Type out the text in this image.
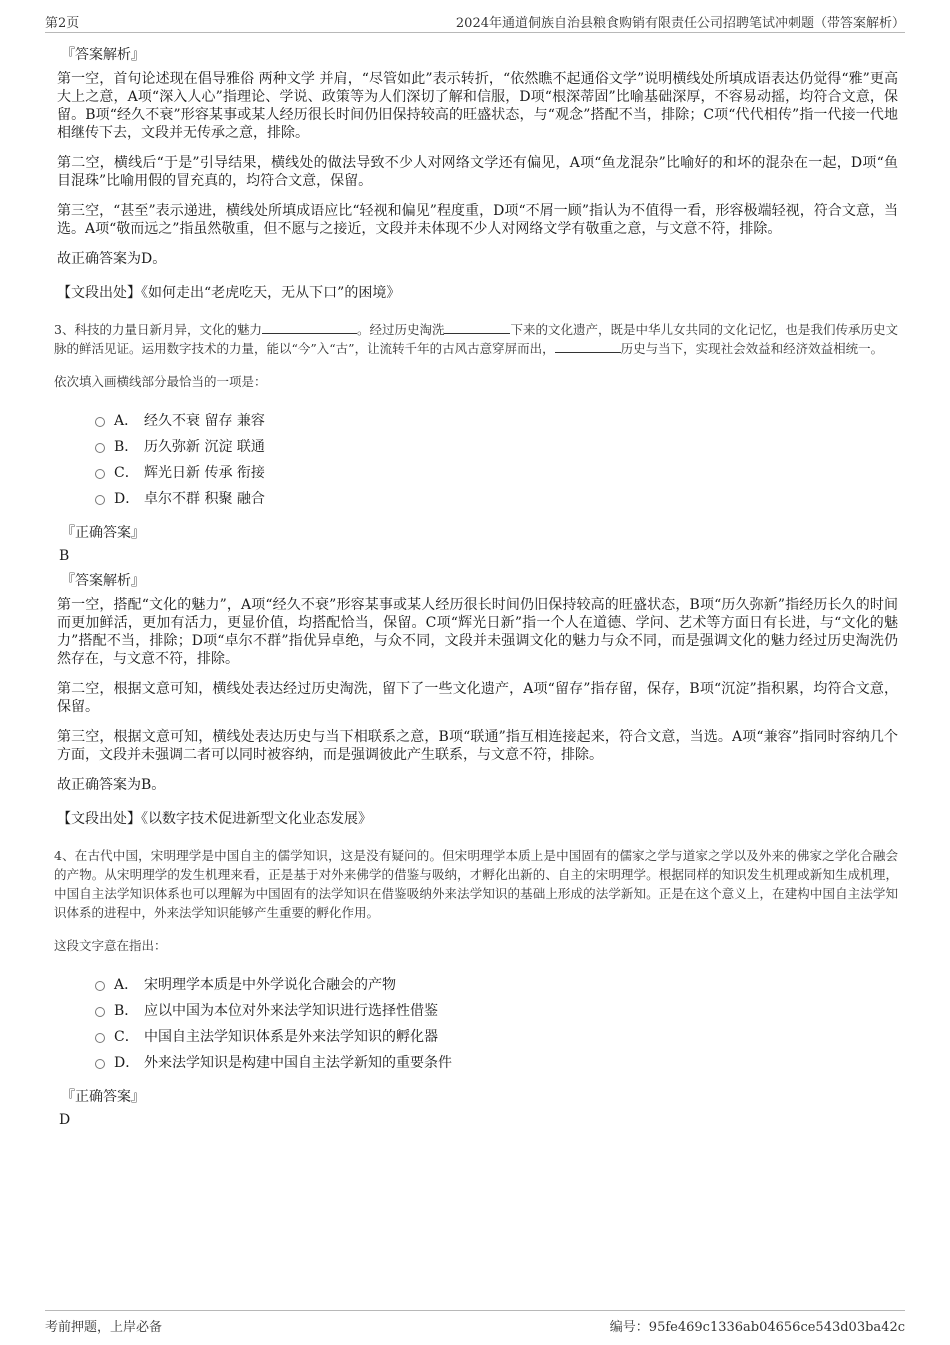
第2页	2024年通道侗族自治县粮食购销有限责任公司招聘笔试冲刺题（带答案解析）
『答案解析』

第一空，首句论述现在倡导雅俗 两种文学 并肩，“尽管如此”表示转折，“依然瞧不起通俗文学”说明横线处所填成语表达仍觉得“雅”更高大上之意，A项“深入人心”指理论、学说、政策等为人们深切了解和信服，D项“根深蒂固”比喻基础深厚，不容易动摇，均符合文意，保留。B项“经久不衰”形容某事或某人经历很长时间仍旧保持较高的旺盛状态，与“观念”搭配不当，排除；C项“代代相传”指一代接一代地相继传下去，文段并无传承之意，排除。

第二空，横线后“于是”引导结果，横线处的做法导致不少人对网络文学还有偏见，A项“鱼龙混杂”比喻好的和坏的混杂在一起，D项“鱼目混珠”比喻用假的冒充真的，均符合文意，保留。

第三空，“甚至”表示递进，横线处所填成语应比“轻视和偏见”程度重，D项“不屑一顾”指认为不值得一看，形容极端轻视，符合文意，当选。A项“敬而远之”指虽然敬重，但不愿与之接近，文段并未体现不少人对网络文学有敬重之意，与文意不符，排除。

故正确答案为D。

【文段出处】《如何走出“老虎吃天，无从下口”的困境》

3、科技的力量日新月异，文化的魅力	。经过历史淘洗	下来的文化遗产，既是中华儿女共同的文化记忆，也是我们传承历史文脉的鲜活见证。运用数字技术的力量，能以“今”入“古”，让流转千年的古风古意穿屏而出，	历史与当下，实现社会效益和经济效益相统一。

依次填入画横线部分最恰当的一项是：
A． 经久不衰 留存 兼容
B． 历久弥新 沉淀 联通
C． 辉光日新 传承 衔接
D． 卓尔不群 积聚 融合
『正确答案』
B
『答案解析』

第一空，搭配“文化的魅力”，A项“经久不衰”形容某事或某人经历很长时间仍旧保持较高的旺盛状态，B项“历久弥新”指经历长久的时间而更加鲜活，更加有活力，更显价值，均搭配恰当，保留。C项“辉光日新”指一个人在道德、学问、艺术等方面日有长进，与“文化的魅力”搭配不当，排除；D项“卓尔不群”指优异卓绝，与众不同，文段并未强调文化的魅力与众不同，而是强调文化的魅力经过历史淘洗仍然存在，与文意不符，排除。

第二空，根据文意可知，横线处表达经过历史淘洗，留下了一些文化遗产，A项“留存”指存留，保存，B项“沉淀”指积累，均符合文意，保留。

第三空，根据文意可知，横线处表达历史与当下相联系之意，B项“联通”指互相连接起来，符合文意，当选。A项“兼容”指同时容纳几个方面，文段并未强调二者可以同时被容纳，而是强调彼此产生联系，与文意不符，排除。

故正确答案为B。

【文段出处】《以数字技术促进新型文化业态发展》

4、在古代中国，宋明理学是中国自主的儒学知识，这是没有疑问的。但宋明理学本质上是中国固有的儒家之学与道家之学以及外来的佛家之学化合融会的产物。从宋明理学的发生机理来看，正是基于对外来佛学的借鉴与吸纳，才孵化出新的、自主的宋明理学。根据同样的知识发生机理或新知生成机理，中国自主法学知识体系也可以理解为中国固有的法学知识在借鉴吸纳外来法学知识的基础上形成的法学新知。正是在这个意义上，在建构中国自主法学知识体系的进程中，外来法学知识能够产生重要的孵化作用。

这段文字意在指出：
A． 宋明理学本质是中外学说化合融会的产物
B． 应以中国为本位对外来法学知识进行选择性借鉴
C． 中国自主法学知识体系是外来法学知识的孵化器
D． 外来法学知识是构建中国自主法学新知的重要条件
『正确答案』
D
考前押题，上岸必备	编号：95fe469c1336ab04656ce543d03ba42c
